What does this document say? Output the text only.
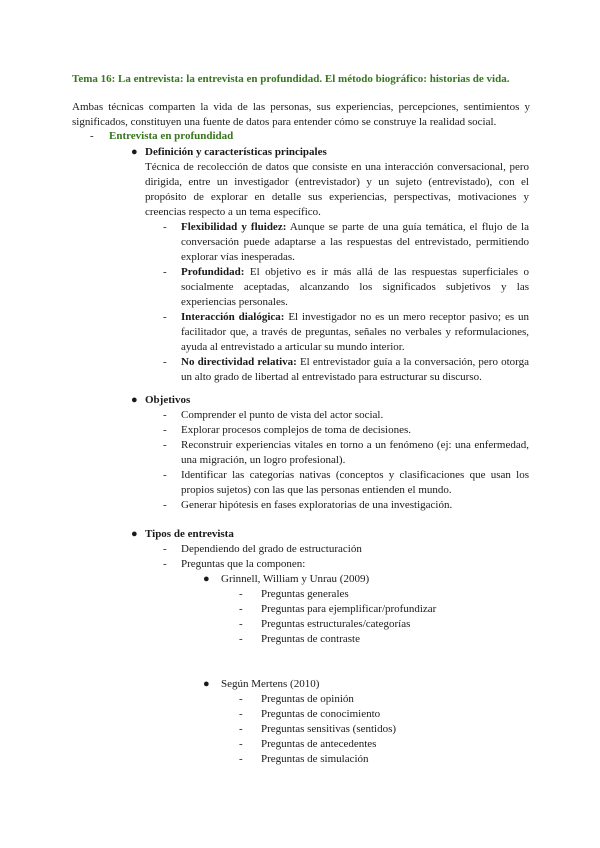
Tema 16: La entrevista: la entrevista en profundidad. El método biográfico: historias de vida.
Ambas técnicas comparten la vida de las personas, sus experiencias, percepciones, sentimientos y significados, constituyen una fuente de datos para entender cómo se construye la realidad social.
- Entrevista en profundidad
● Definición y características principales
Técnica de recolección de datos que consiste en una interacción conversacional, pero dirigida, entre un investigador (entrevistador) y un sujeto (entrevistado), con el propósito de explorar en detalle sus experiencias, perspectivas, motivaciones y creencias respecto a un tema específico.
- Flexibilidad y fluidez: Aunque se parte de una guía temática, el flujo de la conversación puede adaptarse a las respuestas del entrevistado, permitiendo explorar vías inesperadas.
- Profundidad: El objetivo es ir más allá de las respuestas superficiales o socialmente aceptadas, alcanzando los significados subjetivos y las experiencias personales.
- Interacción dialógica: El investigador no es un mero receptor pasivo; es un facilitador que, a través de preguntas, señales no verbales y reformulaciones, ayuda al entrevistado a articular su mundo interior.
- No directividad relativa: El entrevistador guía a la conversación, pero otorga un alto grado de libertad al entrevistado para estructurar su discurso.
● Objetivos
- Comprender el punto de vista del actor social.
- Explorar procesos complejos de toma de decisiones.
- Reconstruir experiencias vitales en torno a un fenómeno (ej: una enfermedad, una migración, un logro profesional).
- Identificar las categorías nativas (conceptos y clasificaciones que usan los propios sujetos) con las que las personas entienden el mundo.
- Generar hipótesis en fases exploratorias de una investigación.
● Tipos de entrevista
- Dependiendo del grado de estructuración
- Preguntas que la componen:
● Grinnell, William y Unrau (2009)
- Preguntas generales
- Preguntas para ejemplificar/profundizar
- Preguntas estructurales/categorías
- Preguntas de contraste
● Según Mertens (2010)
- Preguntas de opinión
- Preguntas de conocimiento
- Preguntas sensitivas (sentidos)
- Preguntas de antecedentes
- Preguntas de simulación
